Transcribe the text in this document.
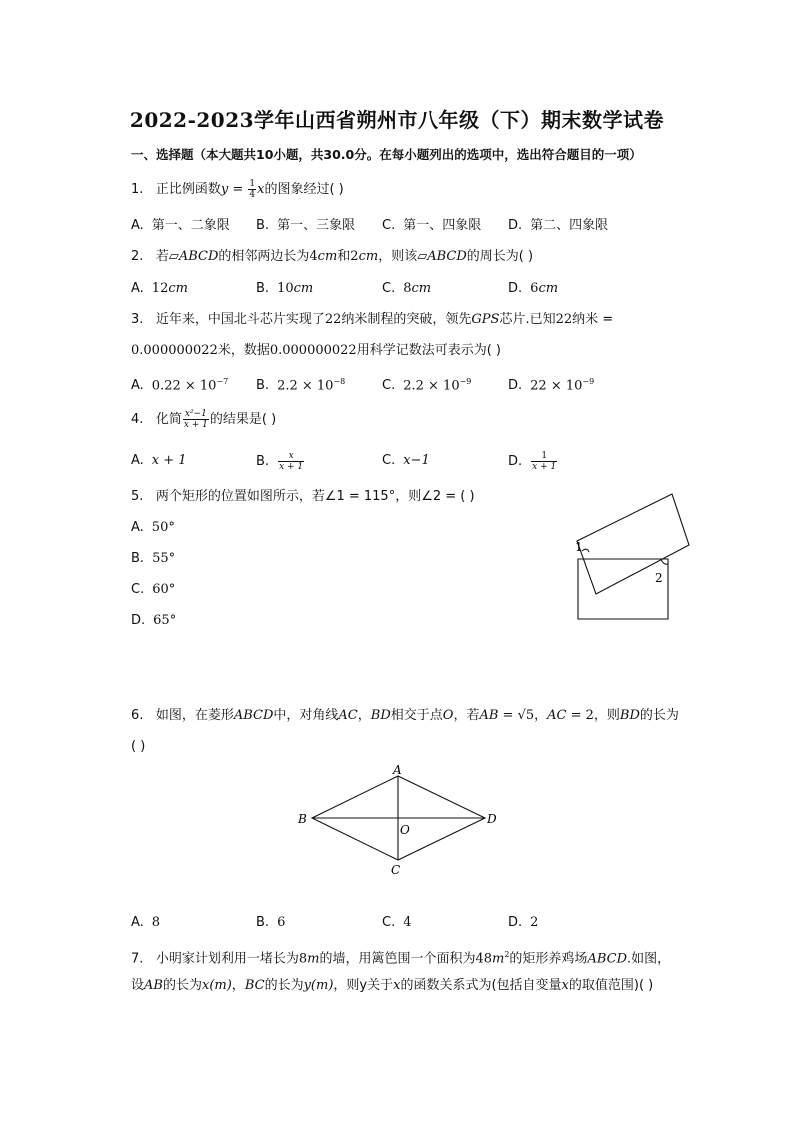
2022-2023学年山西省朔州市八年级（下）期末数学试卷
一、选择题（本大题共10小题，共30.0分。在每小题列出的选项中，选出符合题目的一项）
1. 正比例函数$y = \frac{1}{4}$ x的图象经过( )
A. 第一、二象限 B. 第一、三象限 C. 第一、四象限 D. 第二、四象限
2. 若▱ABCD的相邻两边长为4cm和2cm，则该▱ABCD的周长为( )
A. 12cm	B. 10cm	C. 8cm	D. 6cm
3. 近年来，中国北斗芯片实现了22纳米制程的突破，领先GPS芯片.已知22纳米 =
0.000000022米，数据0.000000022用科学记数法可表示为( )
A. $0.22 \times 10^{-7}$ B. $2.2 \times 10^{-8}$	C. $2.2 \times 10^{-9}$	D. $22 \times 10^{-9}$
4. 化简 $\frac{\text{x²−1}}{x + 1}$ 的结果是( )
A. x + 1	B. $\frac{x}{x + 1}$	C. x−1	D. $\frac{1}{x + 1}$
5. 两个矩形的位置如图所示，若∠1 = 115°，则∠2 = ( )
A. 50°
B. 55°
C. 60°
D. 65°
1
2
6. 如图，在菱形ABCD中，对角线AC，BD相交于点O，若AB = √5，AC = 2，则BD的长为
( )
A
B
C
D
O
A. 8	B. 6	C. 4	D. 2
7. 小明家计划利用一堵长为8m的墙，用篱笆围一个面积为$48m^2$的矩形养鸡场ABCD.如图，
设AB的长为x(m)，BC的长为y(m)，则y关于x的函数关系式为(包括自变量x的取值范围)( )
